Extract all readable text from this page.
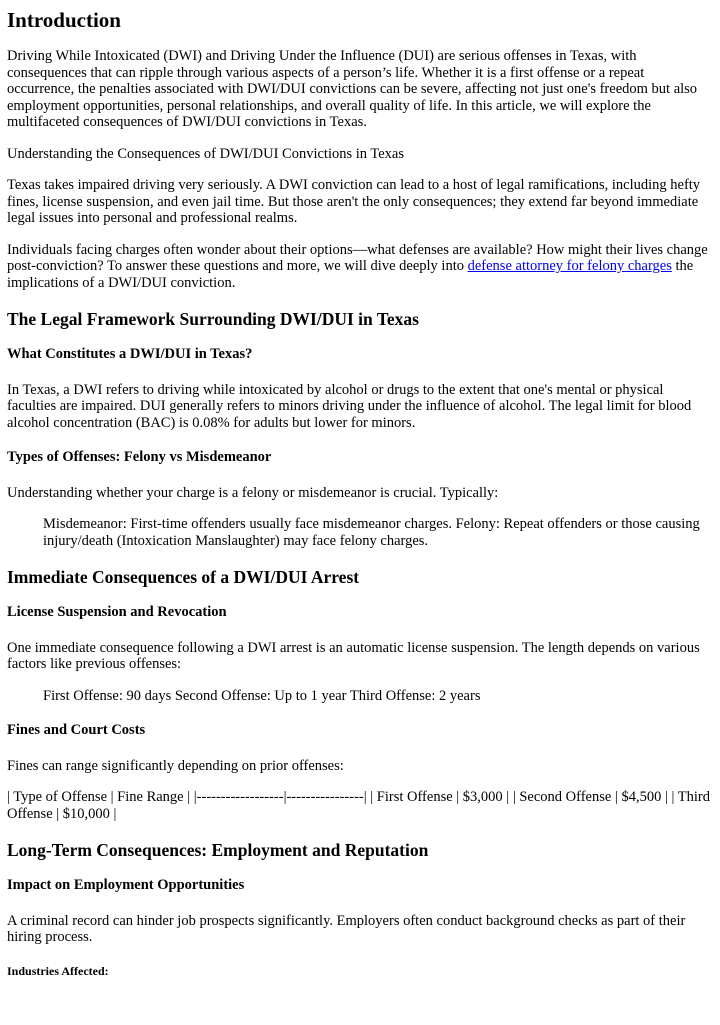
Introduction

Driving While Intoxicated (DWI) and Driving Under the Influence (DUI) are serious offenses in Texas, with consequences that can ripple through various aspects of a person’s life. Whether it is a first offense or a repeat occurrence, the penalties associated with DWI/DUI convictions can be severe, affecting not just one's freedom but also employment opportunities, personal relationships, and overall quality of life. In this article, we will explore the multifaceted consequences of DWI/DUI convictions in Texas.

Understanding the Consequences of DWI/DUI Convictions in Texas

Texas takes impaired driving very seriously. A DWI conviction can lead to a host of legal ramifications, including hefty fines, license suspension, and even jail time. But those aren't the only consequences; they extend far beyond immediate legal issues into personal and professional realms.

Individuals facing charges often wonder about their options—what defenses are available? How might their lives change post-conviction? To answer these questions and more, we will dive deeply into defense attorney for felony charges the implications of a DWI/DUI conviction.

The Legal Framework Surrounding DWI/DUI in Texas
What Constitutes a DWI/DUI in Texas?

In Texas, a DWI refers to driving while intoxicated by alcohol or drugs to the extent that one's mental or physical faculties are impaired. DUI generally refers to minors driving under the influence of alcohol. The legal limit for blood alcohol concentration (BAC) is 0.08% for adults but lower for minors.

Types of Offenses: Felony vs Misdemeanor

Understanding whether your charge is a felony or misdemeanor is crucial. Typically:

Misdemeanor: First-time offenders usually face misdemeanor charges. Felony: Repeat offenders or those causing injury/death (Intoxication Manslaughter) may face felony charges.
Immediate Consequences of a DWI/DUI Arrest
License Suspension and Revocation

One immediate consequence following a DWI arrest is an automatic license suspension. The length depends on various factors like previous offenses:

First Offense: 90 days Second Offense: Up to 1 year Third Offense: 2 years
Fines and Court Costs

Fines can range significantly depending on prior offenses:

| Type of Offense | Fine Range | |------------------|----------------| | First Offense | $3,000 | | Second Offense | $4,500 | | Third Offense | $10,000 |

Long-Term Consequences: Employment and Reputation
Impact on Employment Opportunities

A criminal record can hinder job prospects significantly. Employers often conduct background checks as part of their hiring process.

Industries Affected:
